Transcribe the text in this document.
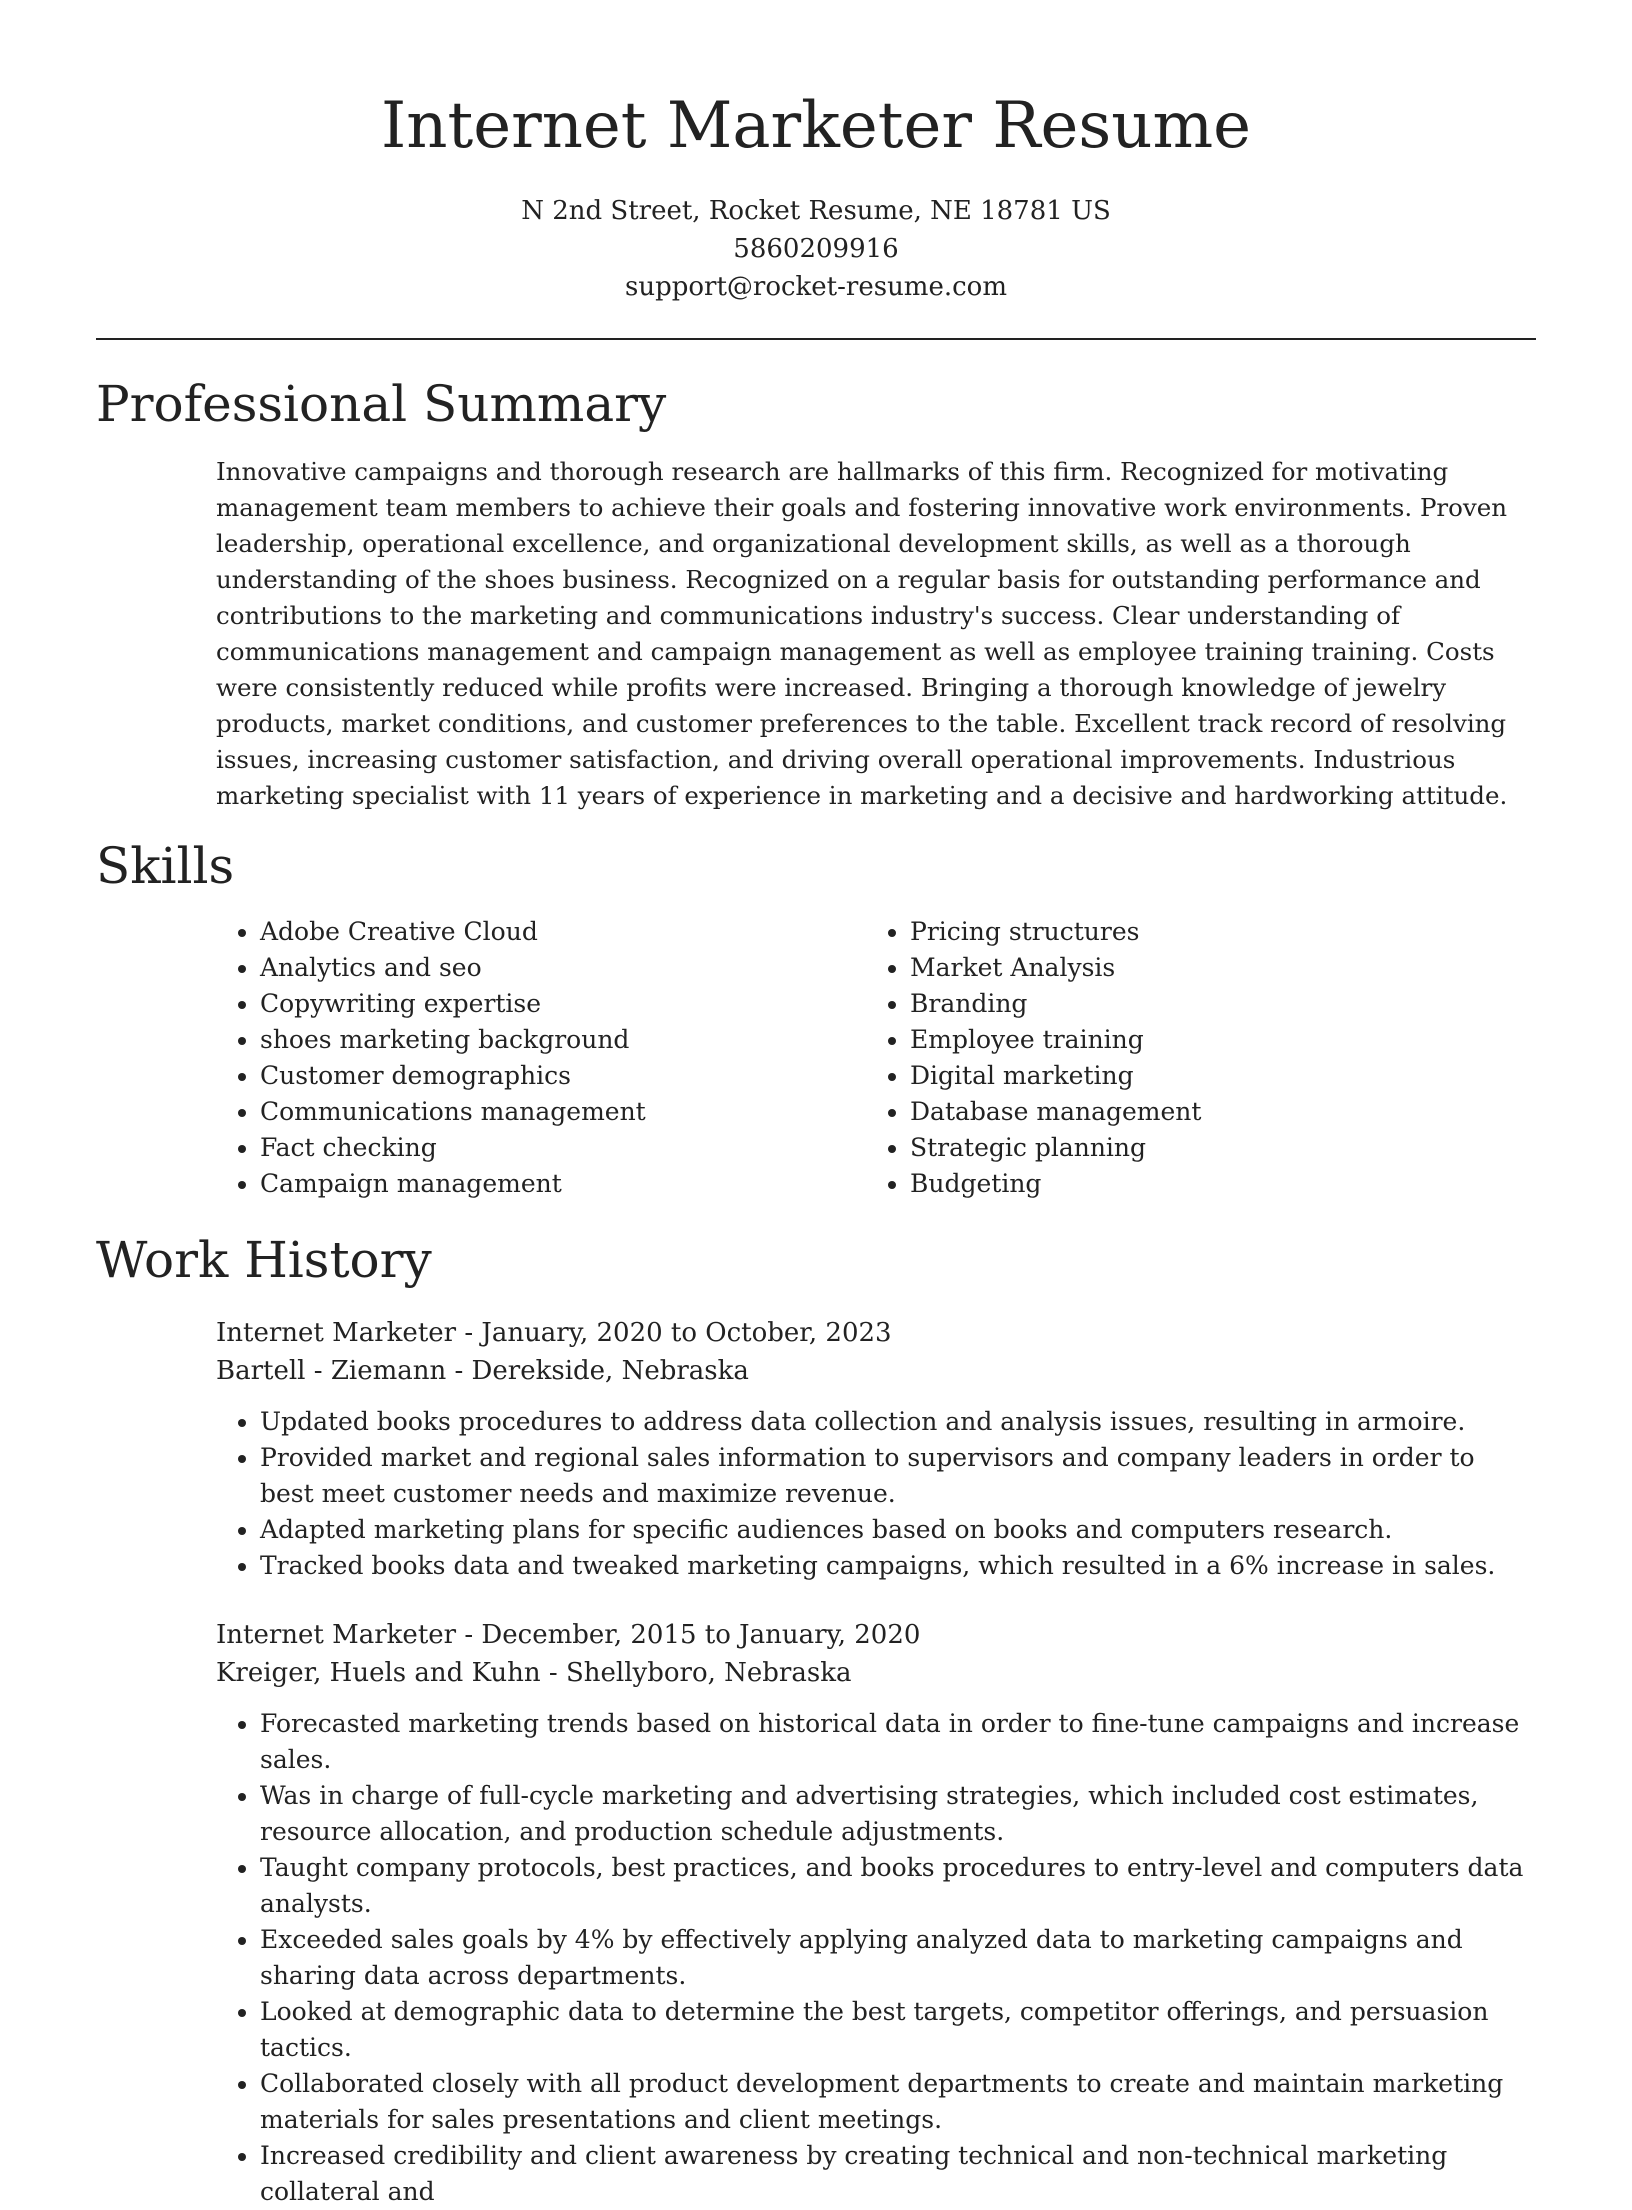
Internet Marketer Resume
N 2nd Street, Rocket Resume, NE 18781 US
5860209916
support@rocket-resume.com
Professional Summary

Innovative campaigns and thorough research are hallmarks of this firm. Recognized for motivating management team members to achieve their goals and fostering innovative work environments. Proven leadership, operational excellence, and organizational development skills, as well as a thorough understanding of the shoes business. Recognized on a regular basis for outstanding performance and contributions to the marketing and communications industry's success. Clear understanding of communications management and campaign management as well as employee training training. Costs were consistently reduced while profits were increased. Bringing a thorough knowledge of jewelry products, market conditions, and customer preferences to the table. Excellent track record of resolving issues, increasing customer satisfaction, and driving overall operational improvements. Industrious marketing specialist with 11 years of experience in marketing and a decisive and hardworking attitude.

Skills
• Adobe Creative Cloud
• Analytics and seo
• Copywriting expertise
• shoes marketing background
• Customer demographics
• Communications management
• Fact checking
• Campaign management
• Pricing structures
• Market Analysis
• Branding
• Employee training
• Digital marketing
• Database management
• Strategic planning
• Budgeting
Work History
Internet Marketer - January, 2020 to October, 2023
Bartell - Ziemann - Derekside, Nebraska
• Updated books procedures to address data collection and analysis issues, resulting in armoire.
• Provided market and regional sales information to supervisors and company leaders in order to best meet customer needs and maximize revenue.
• Adapted marketing plans for specific audiences based on books and computers research.
• Tracked books data and tweaked marketing campaigns, which resulted in a 6% increase in sales.
Internet Marketer - December, 2015 to January, 2020
Kreiger, Huels and Kuhn - Shellyboro, Nebraska
• Forecasted marketing trends based on historical data in order to fine-tune campaigns and increase sales.
• Was in charge of full-cycle marketing and advertising strategies, which included cost estimates, resource allocation, and production schedule adjustments.
• Taught company protocols, best practices, and books procedures to entry-level and computers data analysts.
• Exceeded sales goals by 4% by effectively applying analyzed data to marketing campaigns and sharing data across departments.
• Looked at demographic data to determine the best targets, competitor offerings, and persuasion tactics.
• Collaborated closely with all product development departments to create and maintain marketing materials for sales presentations and client meetings.
• Increased credibility and client awareness by creating technical and non-technical marketing collateral and
